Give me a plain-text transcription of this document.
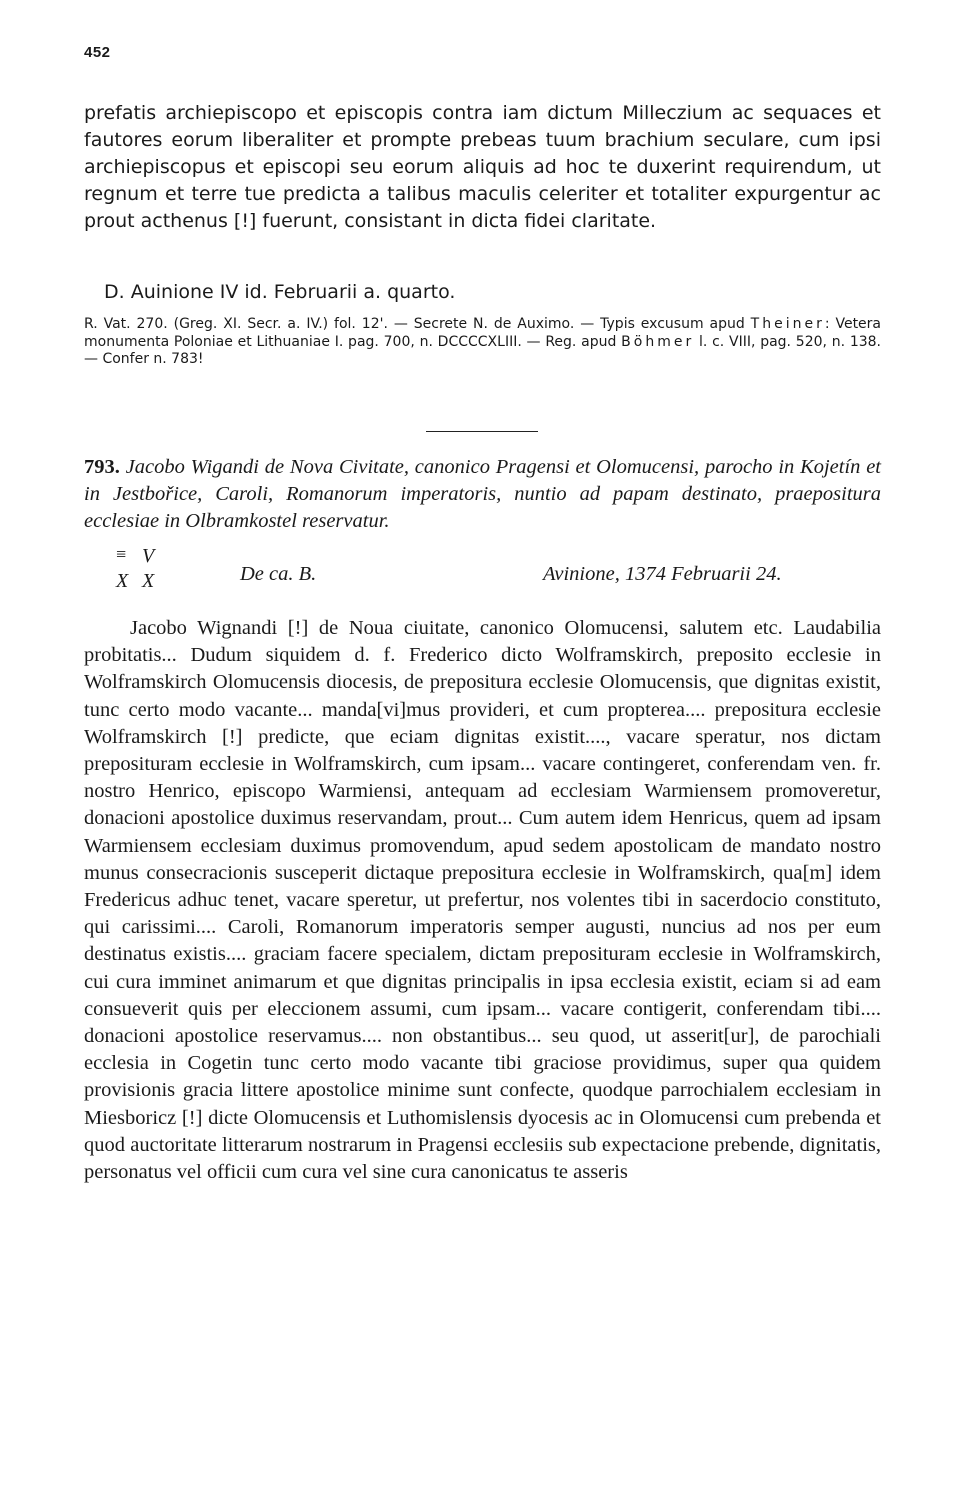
452
prefatis archiepiscopo et episcopis contra iam dictum Milleczium ac sequaces et fautores eorum liberaliter et prompte prebeas tuum brachium seculare, cum ipsi archiepiscopus et episcopi seu eorum aliquis ad hoc te duxerint requirendum, ut regnum et terre tue predicta a talibus maculis celeriter et totaliter expurgentur ac prout acthenus [!] fuerunt, consistant in dicta fidei claritate.
D. Auinione IV id. Februarii a. quarto.
R. Vat. 270. (Greg. XI. Secr. a. IV.) fol. 12'. — Secrete N. de Auximo. — Typis excusum apud Theiner: Vetera monumenta Poloniae et Lithuaniae I. pag. 700, n. DCCCCXLIII. — Reg. apud Böhmer l. c. VIII, pag. 520, n. 138. — Confer n. 783!
793. Jacobo Wigandi de Nova Civitate, canonico Pragensi et Olomucensi, parocho in Kojetín et in Jestbořice, Caroli, Romanorum imperatoris, nuntio ad papam destinato, praepositura ecclesiae in Olbramkostel reservatur.
≡ V
X X	De ca. B.	Avinione, 1374 Februarii 24.
Jacobo Wignandi [!] de Noua ciuitate, canonico Olomucensi, salutem etc. Laudabilia probitatis... Dudum siquidem d. f. Frederico dicto Wolframskirch, preposito ecclesie in Wolframskirch Olomucensis diocesis, de prepositura ecclesie Olomucensis, que dignitas existit, tunc certo modo vacante... manda[vi]mus provideri, et cum propterea.... prepositura ecclesie Wolframskirch [!] predicte, que eciam dignitas existit...., vacare speratur, nos dictam preposituram ecclesie in Wolframskirch, cum ipsam... vacare contingeret, conferendam ven. fr. nostro Henrico, episcopo Warmiensi, antequam ad ecclesiam Warmiensem promoveretur, donacioni apostolice duximus reservandam, prout... Cum autem idem Henricus, quem ad ipsam Warmiensem ecclesiam duximus promovendum, apud sedem apostolicam de mandato nostro munus consecracionis susceperit dictaque prepositura ecclesie in Wolframskirch, qua[m] idem Fredericus adhuc tenet, vacare speretur, ut prefertur, nos volentes tibi in sacerdocio constituto, qui carissimi.... Caroli, Romanorum imperatoris semper augusti, nuncius ad nos per eum destinatus existis.... graciam facere specialem, dictam preposituram ecclesie in Wolframskirch, cui cura imminet animarum et que dignitas principalis in ipsa ecclesia existit, eciam si ad eam consueverit quis per eleccionem assumi, cum ipsam... vacare contigerit, conferendam tibi.... donacioni apostolice reservamus.... non obstantibus... seu quod, ut asserit[ur], de parochiali ecclesia in Cogetin tunc certo modo vacante tibi graciose providimus, super qua quidem provisionis gracia littere apostolice minime sunt confecte, quodque parrochialem ecclesiam in Miesboricz [!] dicte Olomucensis et Luthomislensis dyocesis ac in Olomucensi cum prebenda et quod auctoritate litterarum nostrarum in Pragensi ecclesiis sub expectacione prebende, dignitatis, personatus vel officii cum cura vel sine cura canonicatus te asseris
